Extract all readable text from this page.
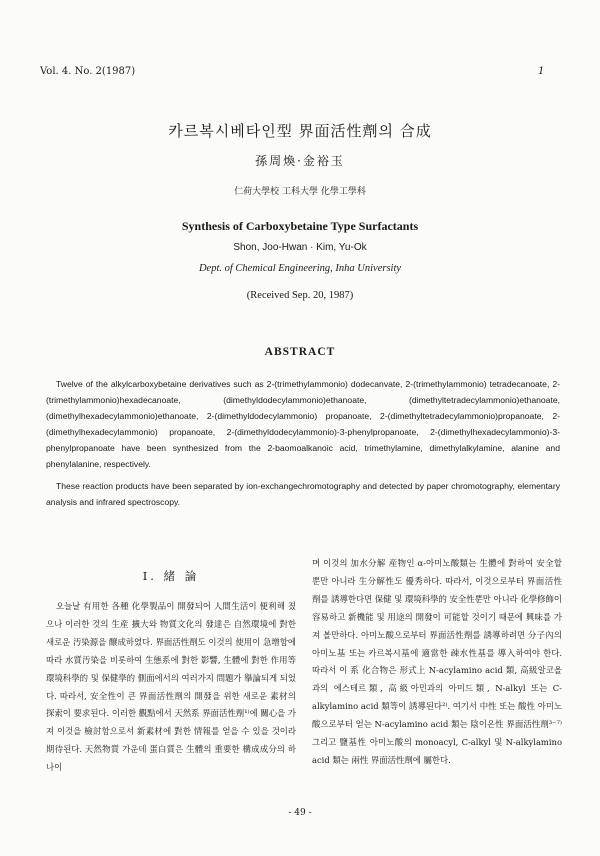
Vol. 4. No. 2(1987)	1
카르복시베타인型 界面活性劑의 合成
孫周煥·金裕玉
仁荷大學校 工科大學 化學工學科
Synthesis of Carboxybetaine Type Surfactants
Shon, Joo-Hwan · Kim, Yu-Ok
Dept. of Chemical Engineering, Inha University
(Received Sep. 20, 1987)
ABSTRACT

Twelve of the alkylcarboxybetaine derivatives such as 2-(trimethylammonio) dodecanvate, 2-(trimethylammonio) tetradecanoate, 2-(trimethylammonio)hexadecanoate, (dimethyldodecylammonio)ethanoate, (dimethyltetradecylammonio)ethanoate, (dimethylhexadecylammonio)ethanoate, 2-(dimethyldodecylammonio) propanoate, 2-(dimethyltetradecylammonio)propanoate, 2-(dimethylhexadecylammonio) propanoate, 2-(dimethyldodecylammonio)-3-phenylpropanoate, 2-(dimethylhexadecylammonio)-3-phenylpropanoate have been synthesized from the 2-baomoalkanoic acid, trimethylamine, dimethylalkylamine, alanine and phenylalanine, respectively.

These reaction products have been separated by ion-exchangechromotography and detected by paper chromotography, elementary analysis and infrared spectroscopy.

I. 緒 論

오늘날 有用한 各種 化學製品이 開發되어 人間生活이 便利해 졌으나 이러한 것의 生産 擴大와 物質文化의 發達은 自然環境에 對한 새로운 汚染源을 醸成하였다. 界面活性劑도 이것의 使用이 急增함에 따라 水質汚染을 비롯하여 生態系에 對한 影響, 生體에 對한 作用等 環境科學的 및 保健學的 側面에서의 여러가지 問題가 擧論되게 되었다. 따라서, 安全性이 큰 界面活性劑의 開發을 위한 새로운 素材의 探索이 要求된다. 이러한 觀點에서 天然系 界面活性劑¹⁾에 關心을 가져 이것을 檢討함으로서 新素材에 對한 情報를 얻을 수 있을 것이라 期待된다. 天然物質 가운데 蛋白質은 生體의 重要한 構成成分의 하나이

며 이것의 加水分解 産物인 α-아미노酸類는 生體에 對하여 安全할 뿐만 아니라 生分解性도 優秀하다. 따라서, 이것으로부터 界面活性劑를 誘導한다면 保健 및 環境科學的 安全性뿐만 아니라 化學修飾이 容易하고 新機能 및 用途의 開發이 可能할 것이기 때문에 興味를 가져 볼만하다. 아미노酸으로부터 界面活性劑를 誘導하려면 分子內의 아미노基 또는 카르복시基에 適當한 疎水性基를 導入하여야 한다. 따라서 이 系 化合物은 形式上 N-acylamino acid 類, 高級알코올과의 에스테르類, 高級아민과의 아미드類, N-alkyl 또는 C-alkylamino acid 類等이 誘導된다²⁾. 여기서 中性 또는 酸性 아미노酸으로부터 얻는 N-acylamino acid 類는 陰이온性 界面活性劑³⁻⁷⁾ 그리고 鹽基性 아미노酸의 monoacyl, C-alkyl 및 N-alkylamino acid 類는 兩性 界面活性劑에 屬한다.

- 49 -
